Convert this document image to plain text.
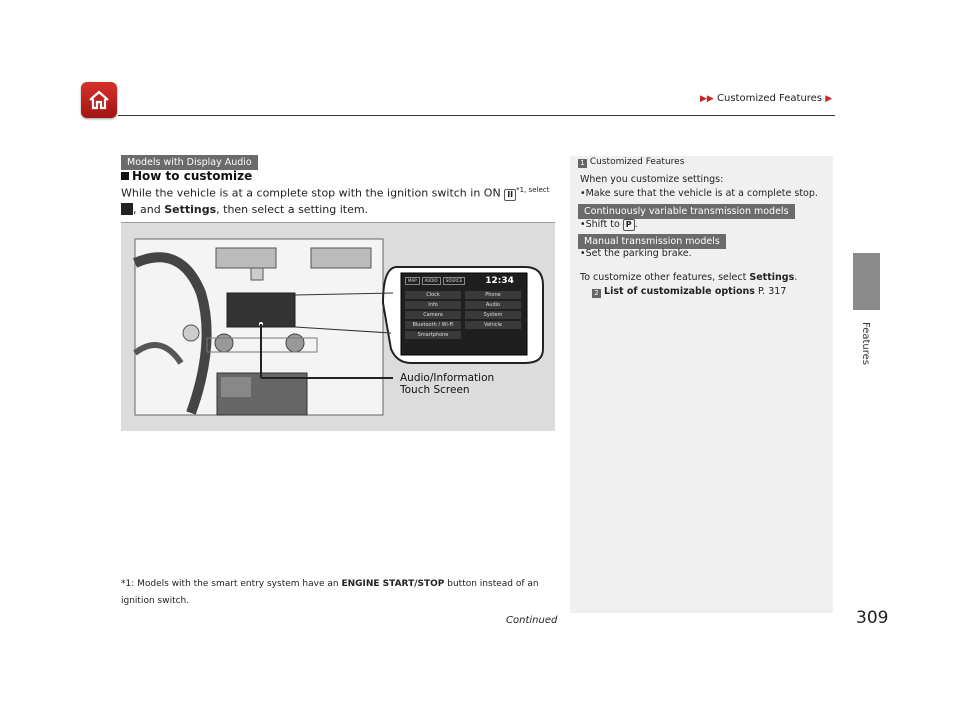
▶▶ Customized Features ▶
Features
Models with Display Audio
How to customize
While the vehicle is at a complete stop with the ignition switch in ON II $^{*1, select}$
, and Settings, then select a setting item.
MAP	AUDIO	SOURCE	12:34
Clock	Phone
Info	Audio
Camera	System
Bluetooth / Wi-Fi	Vehicle
Smartphone
Audio/Information
Touch Screen
*1: Models with the smart entry system have an ENGINE START/STOP button instead of an
ignition switch.
1 Customized Features
When you customize settings:
•Make sure that the vehicle is at a complete stop.
Continuously variable transmission models
•Shift to P .
Manual transmission models
•Set the parking brake.
To customize other features, select Settings.
2 List of customizable options P. 317
Continued	309
